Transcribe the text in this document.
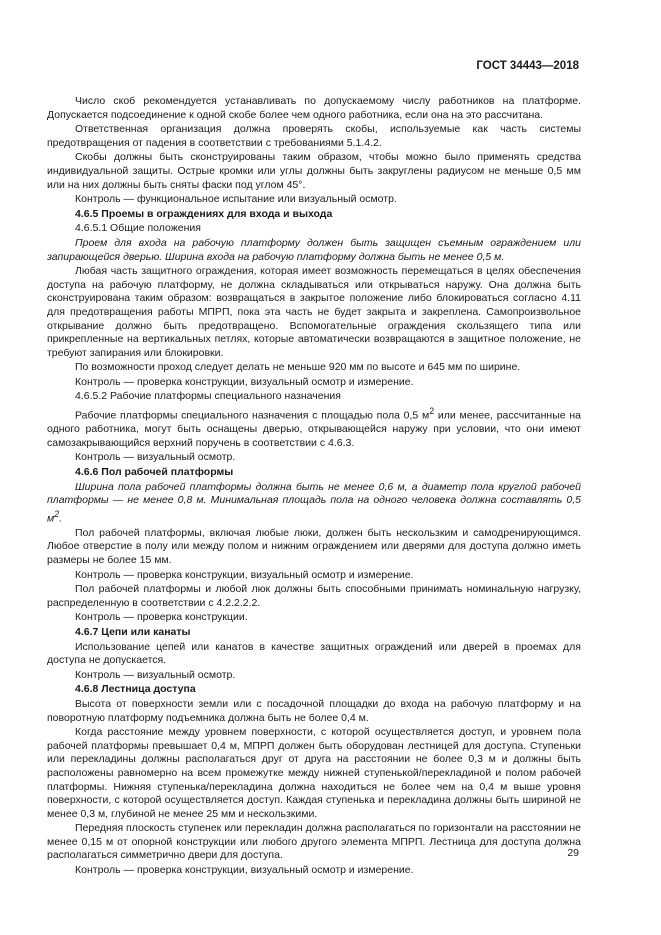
ГОСТ 34443—2018

Число скоб рекомендуется устанавливать по допускаемому числу работников на платформе. Допускается подсоединение к одной скобе более чем одного работника, если она на это рассчитана.

Ответственная организация должна проверять скобы, используемые как часть системы предотвращения от падения в соответствии с требованиями 5.1.4.2.

Скобы должны быть сконструированы таким образом, чтобы можно было применять средства индивидуальной защиты. Острые кромки или углы должны быть закруглены радиусом не меньше 0,5 мм или на них должны быть сняты фаски под углом 45°.

Контроль — функциональное испытание или визуальный осмотр.

4.6.5 Проемы в ограждениях для входа и выхода

4.6.5.1 Общие положения

Проем для входа на рабочую платформу должен быть защищен съемным ограждением или запирающейся дверью. Ширина входа на рабочую платформу должна быть не менее 0,5 м.

Любая часть защитного ограждения, которая имеет возможность перемещаться в целях обеспечения доступа на рабочую платформу, не должна складываться или открываться наружу. Она должна быть сконструирована таким образом: возвращаться в закрытое положение либо блокироваться согласно 4.11 для предотвращения работы МПРП, пока эта часть не будет закрыта и закреплена. Самопроизвольное открывание должно быть предотвращено. Вспомогательные ограждения скользящего типа или прикрепленные на вертикальных петлях, которые автоматически возвращаются в защитное положение, не требуют запирания или блокировки.

По возможности проход следует делать не меньше 920 мм по высоте и 645 мм по ширине.

Контроль — проверка конструкции, визуальный осмотр и измерение.

4.6.5.2 Рабочие платформы специального назначения

Рабочие платформы специального назначения с площадью пола 0,5 $м^2$ или менее, рассчитанные на одного работника, могут быть оснащены дверью, открывающейся наружу при условии, что они имеют самозакрывающийся верхний поручень в соответствии с 4.6.3.

Контроль — визуальный осмотр.

4.6.6 Пол рабочей платформы

Ширина пола рабочей платформы должна быть не менее 0,6 м, а диаметр пола круглой рабочей платформы — не менее 0,8 м. Минимальная площадь пола на одного человека должна составлять 0,5 $м^2$.

Пол рабочей платформы, включая любые люки, должен быть нескользким и самодренирующимся. Любое отверстие в полу или между полом и нижним ограждением или дверями для доступа должно иметь размеры не более 15 мм.

Контроль — проверка конструкции, визуальный осмотр и измерение.

Пол рабочей платформы и любой люк должны быть способными принимать номинальную нагрузку, распределенную в соответствии с 4.2.2.2.2.

Контроль — проверка конструкции.

4.6.7 Цепи или канаты

Использование цепей или канатов в качестве защитных ограждений или дверей в проемах для доступа не допускается.

Контроль — визуальный осмотр.

4.6.8 Лестница доступа

Высота от поверхности земли или с посадочной площадки до входа на рабочую платформу и на поворотную платформу подъемника должна быть не более 0,4 м.

Когда расстояние между уровнем поверхности, с которой осуществляется доступ, и уровнем пола рабочей платформы превышает 0,4 м, МПРП должен быть оборудован лестницей для доступа. Ступеньки или перекладины должны располагаться друг от друга на расстоянии не более 0,3 м и должны быть расположены равномерно на всем промежутке между нижней ступенькой/перекладиной и полом рабочей платформы. Нижняя ступенька/перекладина должна находиться не более чем на 0,4 м выше уровня поверхности, с которой осуществляется доступ. Каждая ступенька и перекладина должны быть шириной не менее 0,3 м, глубиной не менее 25 мм и нескользкими.

Передняя плоскость ступенек или перекладин должна располагаться по горизонтали на расстоянии не менее 0,15 м от опорной конструкции или любого другого элемента МПРП. Лестница для доступа должна располагаться симметрично двери для доступа.

Контроль — проверка конструкции, визуальный осмотр и измерение.

29
